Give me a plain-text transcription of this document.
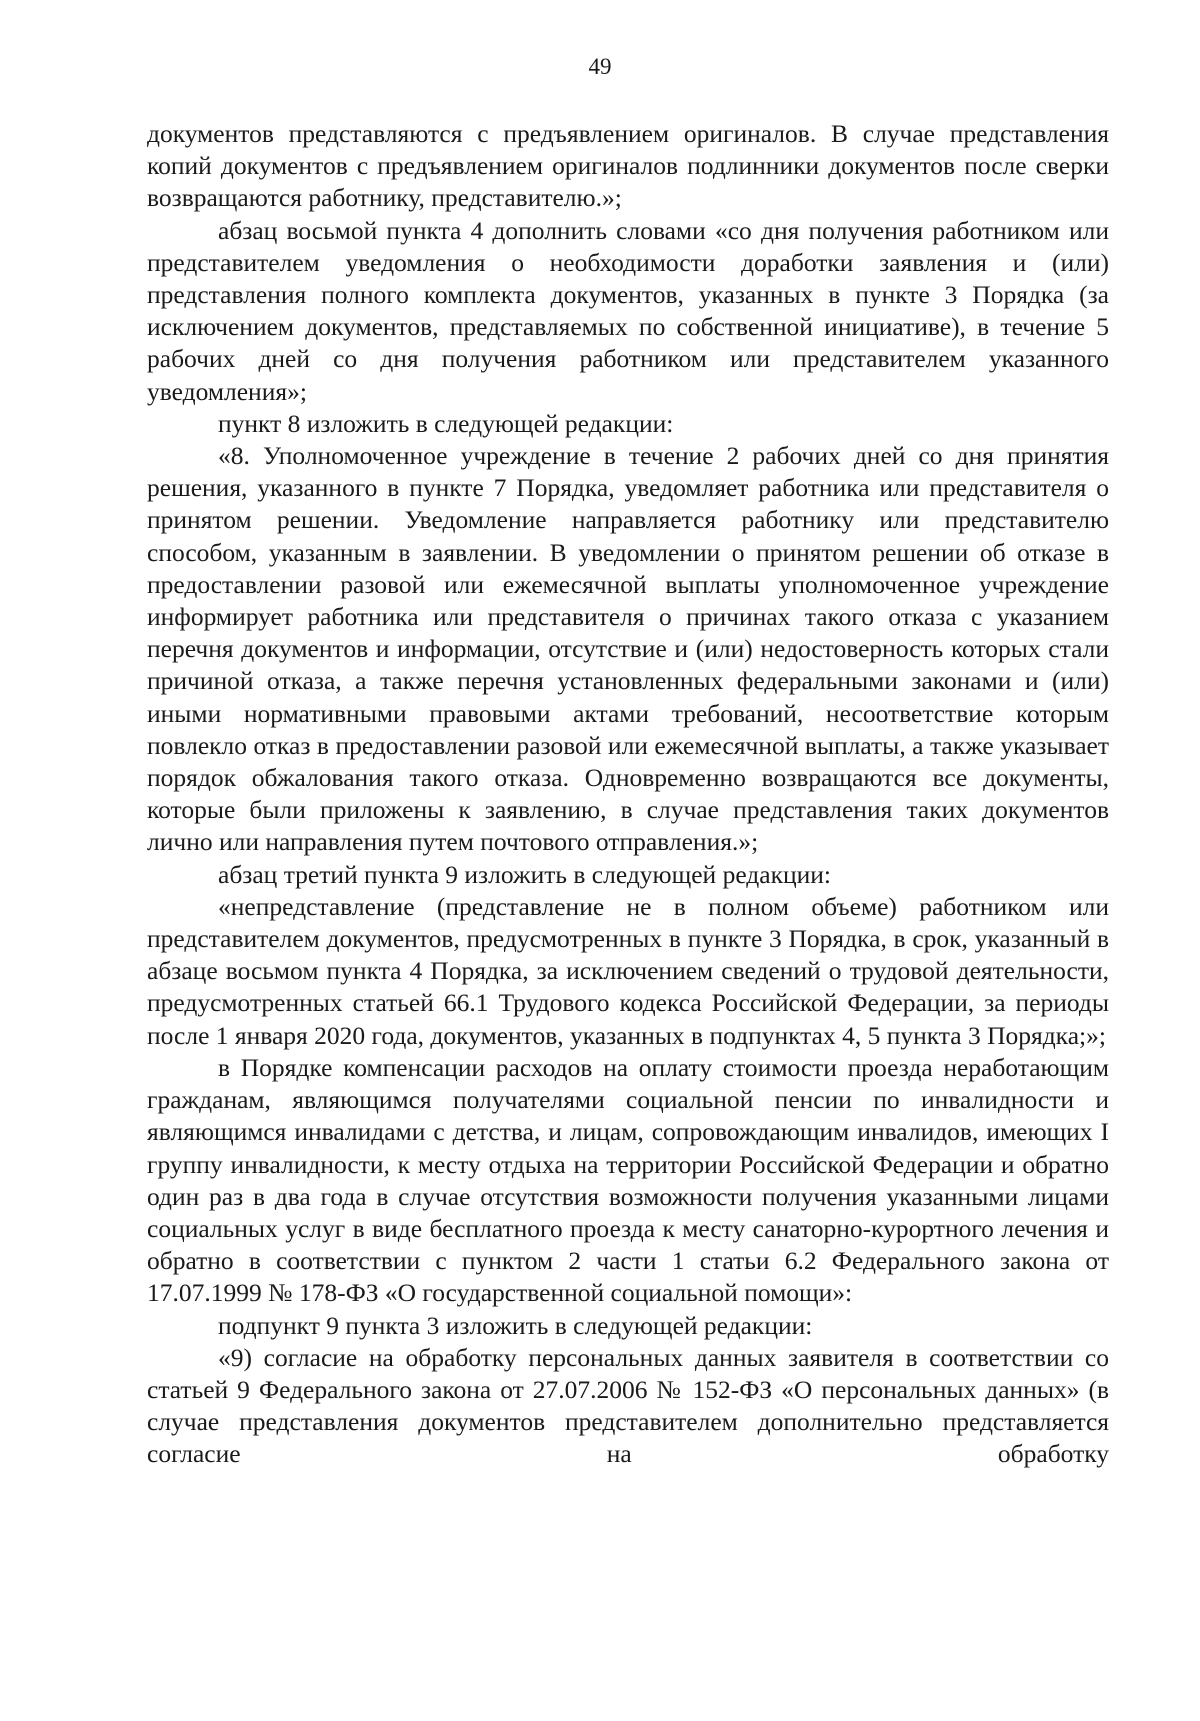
49

документов представляются с предъявлением оригиналов. В случае представления копий документов с предъявлением оригиналов подлинники документов после сверки возвращаются работнику, представителю.»;

абзац восьмой пункта 4 дополнить словами «со дня получения работником или представителем уведомления о необходимости доработки заявления и (или) представления полного комплекта документов, указанных в пункте 3 Порядка (за исключением документов, представляемых по собственной инициативе), в течение 5 рабочих дней со дня получения работником или представителем указанного уведомления»;

пункт 8 изложить в следующей редакции:

«8. Уполномоченное учреждение в течение 2 рабочих дней со дня принятия решения, указанного в пункте 7 Порядка, уведомляет работника или представителя о принятом решении. Уведомление направляется работнику или представителю способом, указанным в заявлении. В уведомлении о принятом решении об отказе в предоставлении разовой или ежемесячной выплаты уполномоченное учреждение информирует работника или представителя о причинах такого отказа с указанием перечня документов и информации, отсутствие и (или) недостоверность которых стали причиной отказа, а также перечня установленных федеральными законами и (или) иными нормативными правовыми актами требований, несоответствие которым повлекло отказ в предоставлении разовой или ежемесячной выплаты, а также указывает порядок обжалования такого отказа. Одновременно возвращаются все документы, которые были приложены к заявлению, в случае представления таких документов лично или направления путем почтового отправления.»;

абзац третий пункта 9 изложить в следующей редакции:

«непредставление (представление не в полном объеме) работником или представителем документов, предусмотренных в пункте 3 Порядка, в срок, указанный в абзаце восьмом пункта 4 Порядка, за исключением сведений о трудовой деятельности, предусмотренных статьей 66.1 Трудового кодекса Российской Федерации, за периоды после 1 января 2020 года, документов, указанных в подпунктах 4, 5 пункта 3 Порядка;»;

в Порядке компенсации расходов на оплату стоимости проезда неработающим гражданам, являющимся получателями социальной пенсии по инвалидности и являющимся инвалидами с детства, и лицам, сопровождающим инвалидов, имеющих I группу инвалидности, к месту отдыха на территории Российской Федерации и обратно один раз в два года в случае отсутствия возможности получения указанными лицами социальных услуг в виде бесплатного проезда к месту санаторно-курортного лечения и обратно в соответствии с пунктом 2 части 1 статьи 6.2 Федерального закона от 17.07.1999 № 178-ФЗ «О государственной социальной помощи»:

подпункт 9 пункта 3 изложить в следующей редакции:

«9) согласие на обработку персональных данных заявителя в соответствии со статьей 9 Федерального закона от 27.07.2006 № 152-ФЗ «О персональных данных» (в случае представления документов представителем дополнительно представляется согласие на обработку
